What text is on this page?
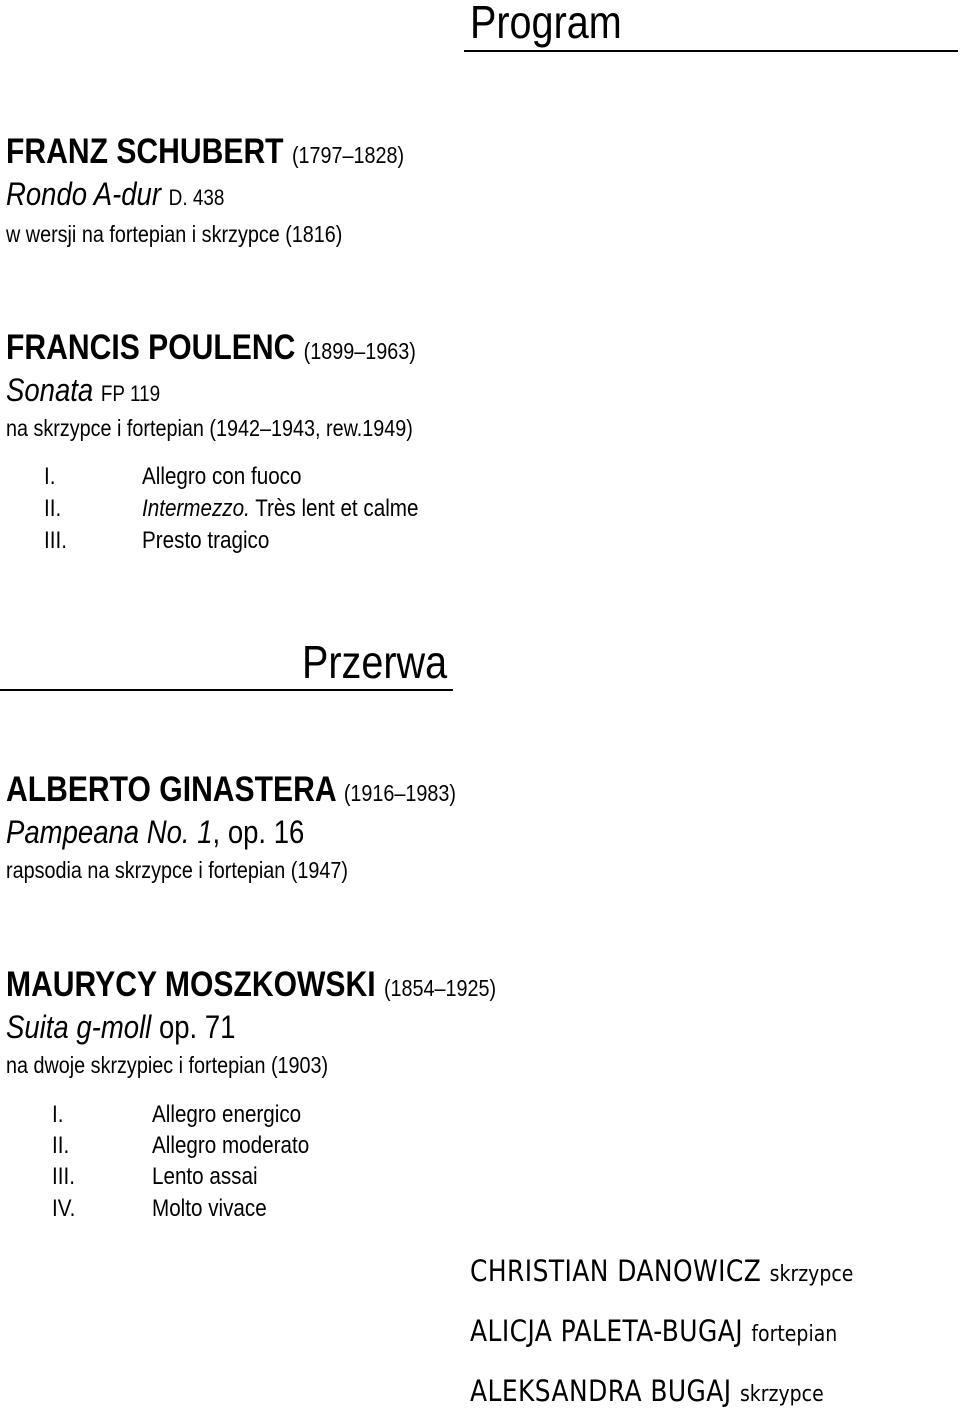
Program
FRANZ SCHUBERT (1797–1828)
Rondo A-dur D. 438
w wersji na fortepian i skrzypce (1816)
FRANCIS POULENC (1899–1963)
Sonata FP 119
na skrzypce i fortepian (1942–1943, rew.1949)
I.	Allegro con fuoco
II.	Intermezzo. Très lent et calme
III.	Presto tragico
Przerwa
ALBERTO GINASTERA (1916–1983)
Pampeana No. 1, op. 16
rapsodia na skrzypce i fortepian (1947)
MAURYCY MOSZKOWSKI (1854–1925)
Suita g-moll op. 71
na dwoje skrzypiec i fortepian (1903)
I.	Allegro energico
II.	Allegro moderato
III.	Lento assai
IV.	Molto vivace
CHRISTIAN DANOWICZ skrzypce
ALICJA PALETA-BUGAJ fortepian
ALEKSANDRA BUGAJ skrzypce
